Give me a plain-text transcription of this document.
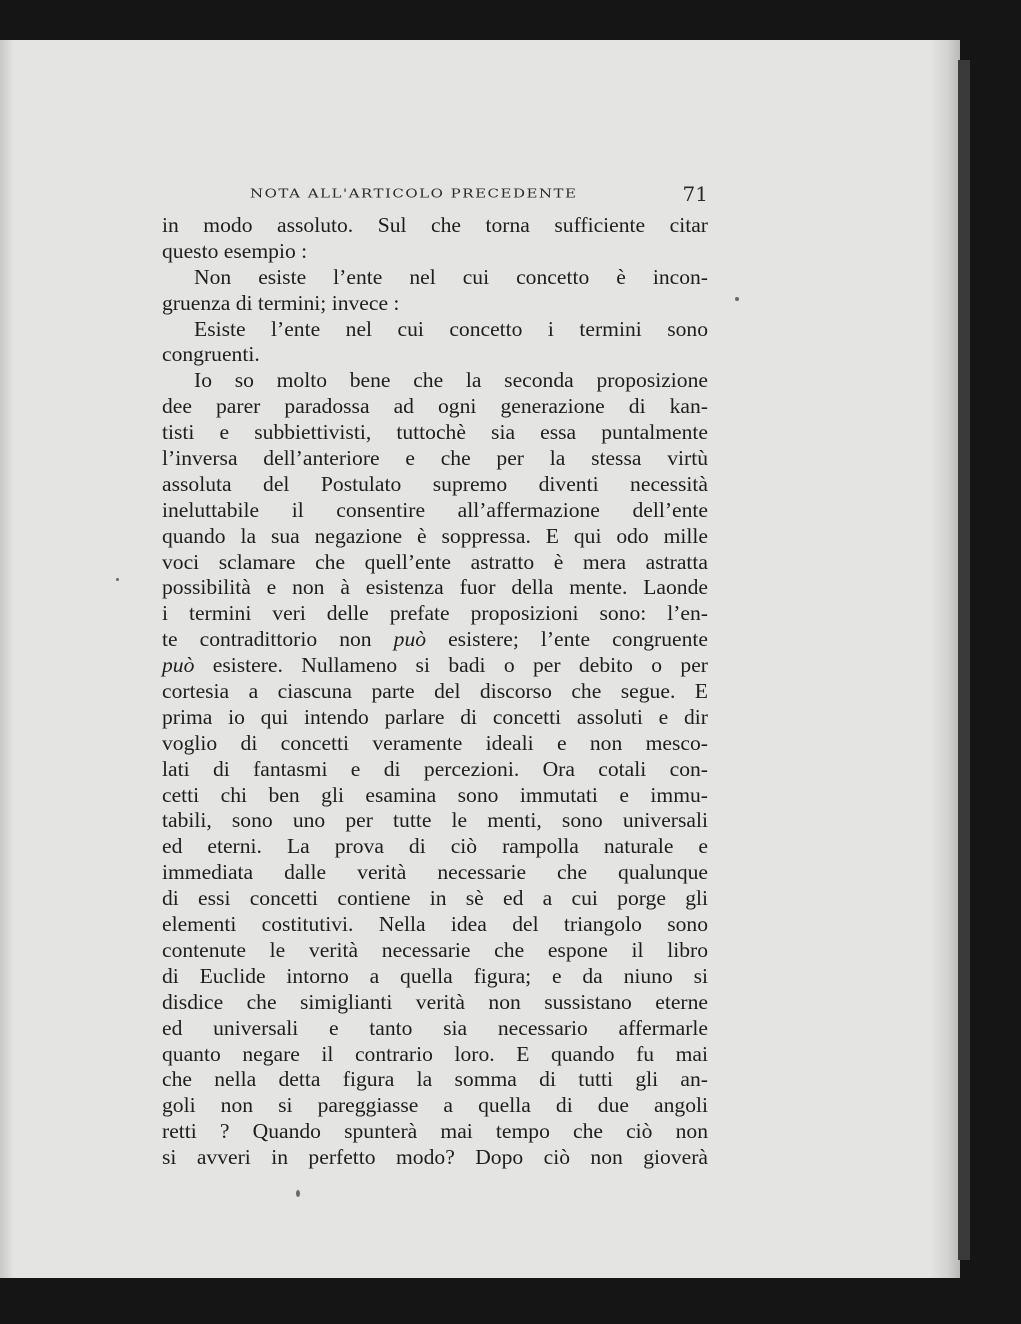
NOTA ALL'ARTICOLO PRECEDENTE	71
in modo assoluto. Sul che torna sufficiente citar
questo esempio :
Non esiste l’ente nel cui concetto è incon-
gruenza di termini; invece :
Esiste l’ente nel cui concetto i termini sono
congruenti.
Io so molto bene che la seconda proposizione
dee parer paradossa ad ogni generazione di kan-
tisti e subbiettivisti, tuttochè sia essa puntalmente
l’inversa dell’anteriore e che per la stessa virtù
assoluta del Postulato supremo diventi necessità
ineluttabile il consentire all’affermazione dell’ente
quando la sua negazione è soppressa. E qui odo mille
voci sclamare che quell’ente astratto è mera astratta
possibilità e non à esistenza fuor della mente. Laonde
i termini veri delle prefate proposizioni sono: l’en-
te contradittorio non può esistere; l’ente congruente
può esistere. Nullameno si badi o per debito o per
cortesia a ciascuna parte del discorso che segue. E
prima io qui intendo parlare di concetti assoluti e dir
voglio di concetti veramente ideali e non mesco-
lati di fantasmi e di percezioni. Ora cotali con-
cetti chi ben gli esamina sono immutati e immu-
tabili, sono uno per tutte le menti, sono universali
ed eterni. La prova di ciò rampolla naturale e
immediata dalle verità necessarie che qualunque
di essi concetti contiene in sè ed a cui porge gli
elementi costitutivi. Nella idea del triangolo sono
contenute le verità necessarie che espone il libro
di Euclide intorno a quella figura; e da niuno si
disdice che simiglianti verità non sussistano eterne
ed universali e tanto sia necessario affermarle
quanto negare il contrario loro. E quando fu mai
che nella detta figura la somma di tutti gli an-
goli non si pareggiasse a quella di due angoli
retti ? Quando spunterà mai tempo che ciò non
si avveri in perfetto modo? Dopo ciò non gioverà
